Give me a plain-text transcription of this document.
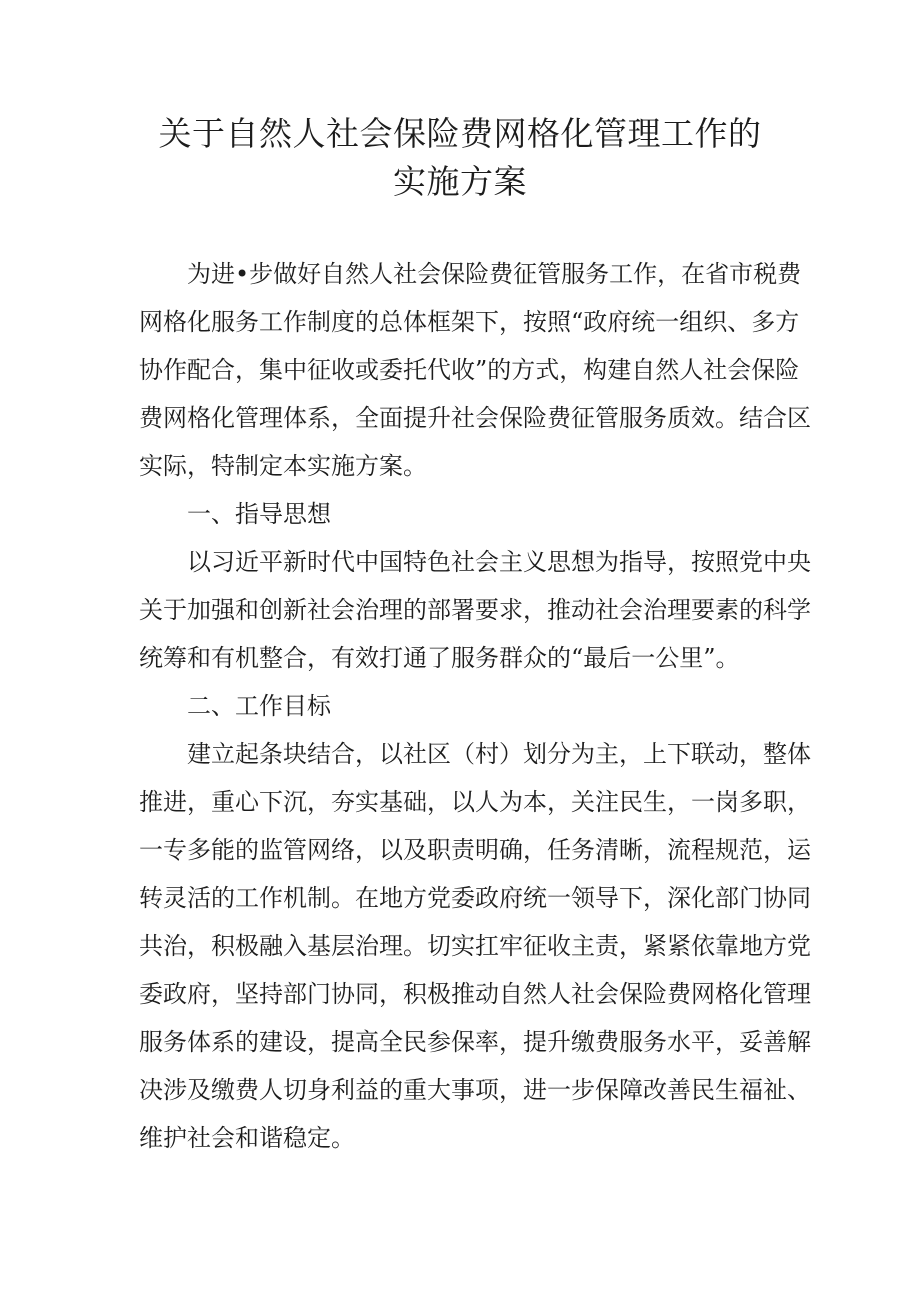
关于自然人社会保险费网格化管理工作的
实施方案
为进•步做好自然人社会保险费征管服务工作，在省市税费
网格化服务工作制度的总体框架下，按照“政府统一组织、多方
协作配合，集中征收或委托代收”的方式，构建自然人社会保险
费网格化管理体系，全面提升社会保险费征管服务质效。结合区
实际，特制定本实施方案。
一、指导思想
以习近平新时代中国特色社会主义思想为指导，按照党中央
关于加强和创新社会治理的部署要求，推动社会治理要素的科学
统筹和有机整合，有效打通了服务群众的“最后一公里”。
二、工作目标
建立起条块结合，以社区（村）划分为主，上下联动，整体
推进，重心下沉，夯实基础，以人为本，关注民生，一岗多职，
一专多能的监管网络，以及职责明确，任务清晰，流程规范，运
转灵活的工作机制。在地方党委政府统一领导下，深化部门协同
共治，积极融入基层治理。切实扛牢征收主责，紧紧依靠地方党
委政府，坚持部门协同，积极推动自然人社会保险费网格化管理
服务体系的建设，提高全民参保率，提升缴费服务水平，妥善解
决涉及缴费人切身利益的重大事项，进一步保障改善民生福祉、
维护社会和谐稳定。
